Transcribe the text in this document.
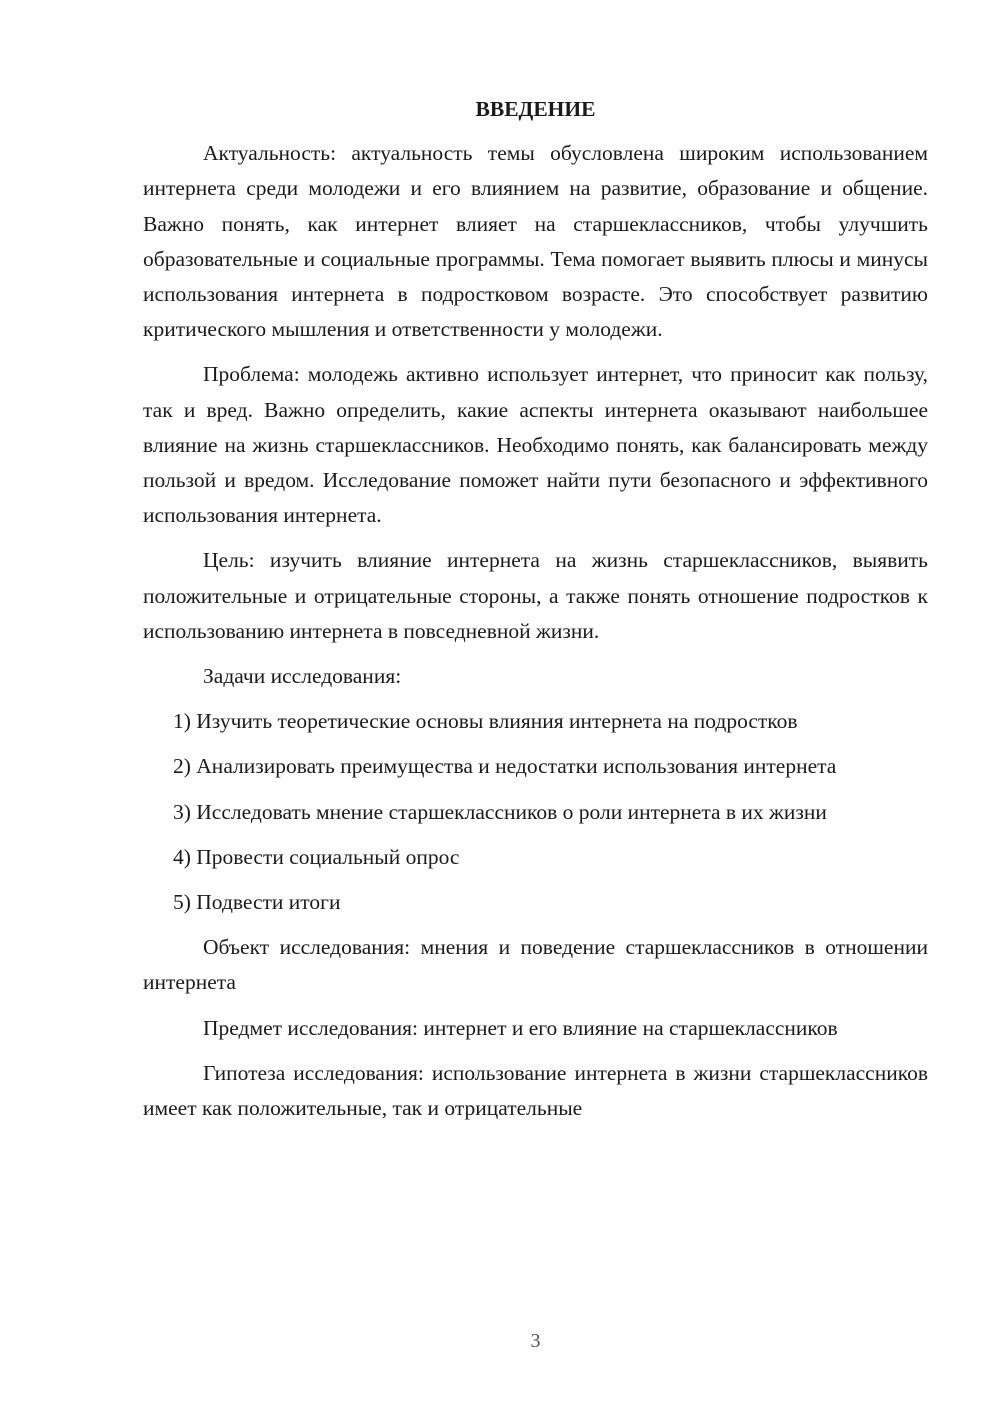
ВВЕДЕНИЕ

Актуальность: актуальность темы обусловлена широким использованием интернета среди молодежи и его влиянием на развитие, образование и общение. Важно понять, как интернет влияет на старшеклассников, чтобы улучшить образовательные и социальные программы. Тема помогает выявить плюсы и минусы использования интернета в подростковом возрасте. Это способствует развитию критического мышления и ответственности у молодежи.

Проблема: молодежь активно использует интернет, что приносит как пользу, так и вред. Важно определить, какие аспекты интернета оказывают наибольшее влияние на жизнь старшеклассников. Необходимо понять, как балансировать между пользой и вредом. Исследование поможет найти пути безопасного и эффективного использования интернета.

Цель: изучить влияние интернета на жизнь старшеклассников, выявить положительные и отрицательные стороны, а также понять отношение подростков к использованию интернета в повседневной жизни.

Задачи исследования:

1) Изучить теоретические основы влияния интернета на подростков

2) Анализировать преимущества и недостатки использования интернета

3) Исследовать мнение старшеклассников о роли интернета в их жизни

4) Провести социальный опрос

5) Подвести итоги

Объект исследования: мнения и поведение старшеклассников в отношении интернета

Предмет исследования: интернет и его влияние на старшеклассников

Гипотеза исследования: использование интернета в жизни старшеклассников имеет как положительные, так и отрицательные

3
